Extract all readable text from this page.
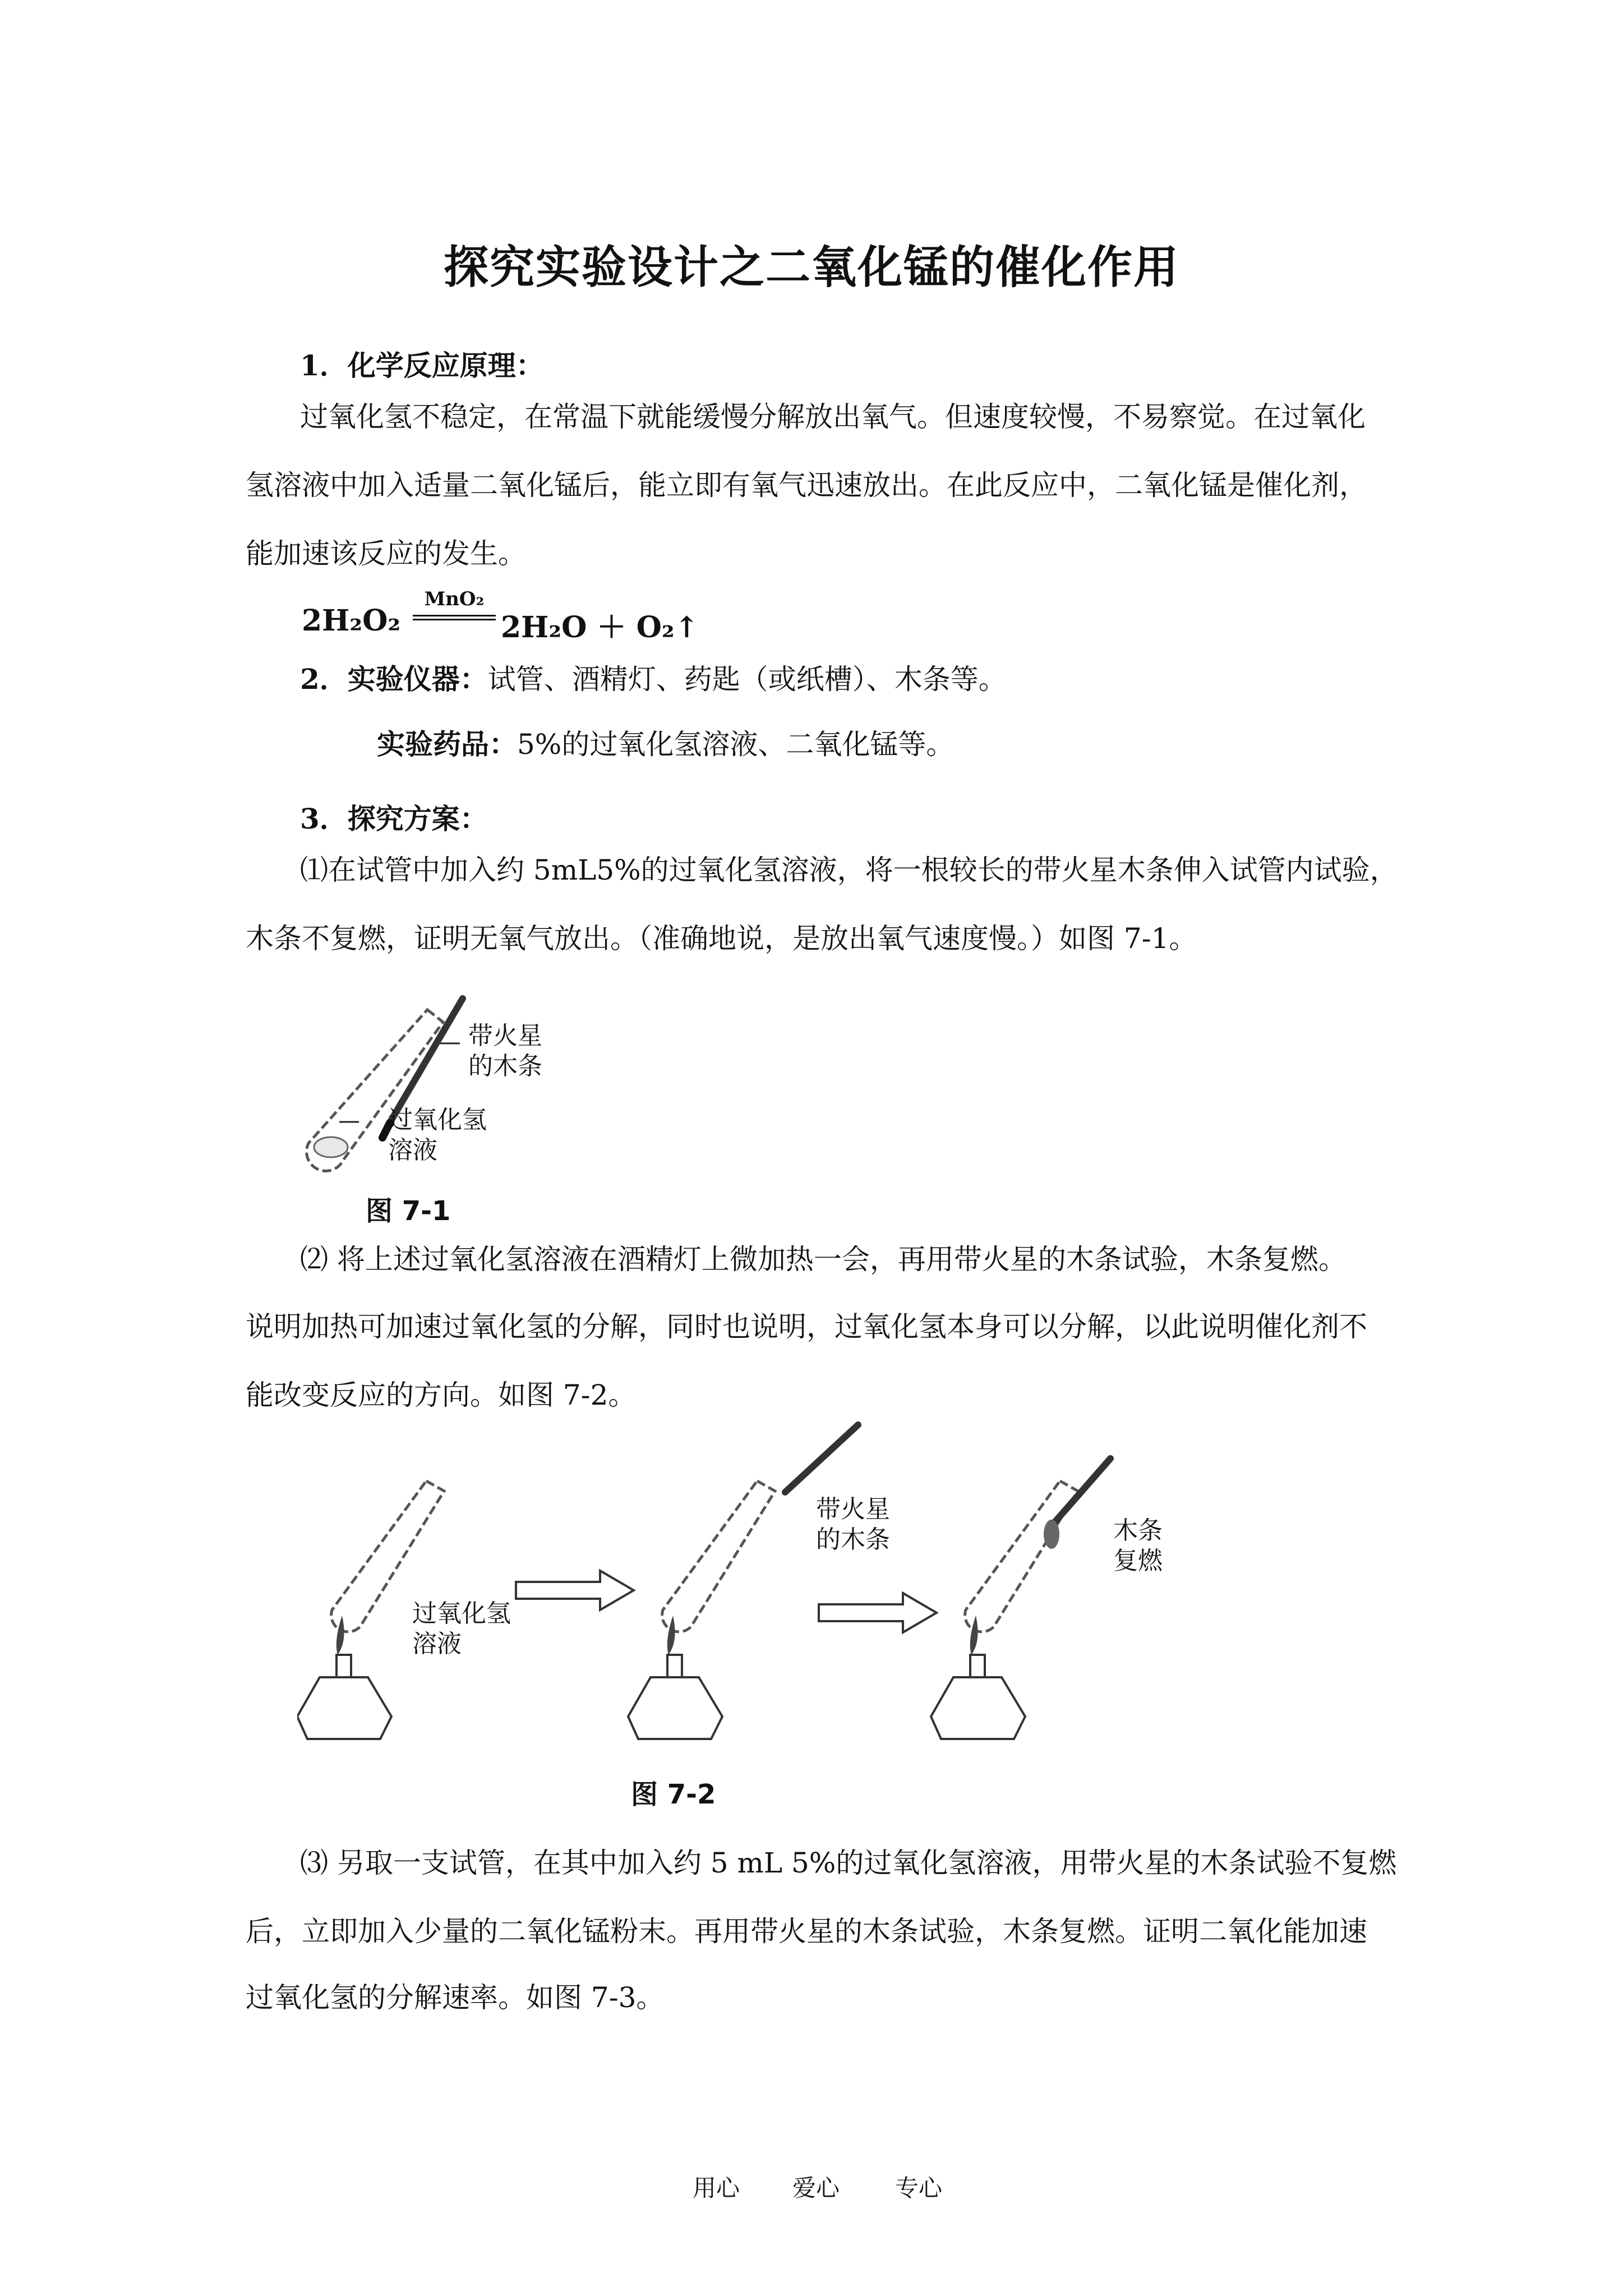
探究实验设计之二氧化锰的催化作用
1．化学反应原理：
过氧化氢不稳定，在常温下就能缓慢分解放出氧气。但速度较慢，不易察觉。在过氧化
氢溶液中加入适量二氧化锰后，能立即有氧气迅速放出。在此反应中，二氧化锰是催化剂，
能加速该反应的发生。
2H₂O₂
MnO₂
2H₂O ＋ O₂↑
2．实验仪器：试管、酒精灯、药匙（或纸槽）、木条等。
实验药品：5%的过氧化氢溶液、二氧化锰等。
3．探究方案：
⑴在试管中加入约 5mL5%的过氧化氢溶液，将一根较长的带火星木条伸入试管内试验，
木条不复燃，证明无氧气放出。（准确地说，是放出氧气速度慢。）如图 7-1。
带火星
的木条
过氧化氢
溶液
图 7-1
⑵ 将上述过氧化氢溶液在酒精灯上微加热一会，再用带火星的木条试验，木条复燃。
说明加热可加速过氧化氢的分解，同时也说明，过氧化氢本身可以分解，以此说明催化剂不
能改变反应的方向。如图 7-2。
过氧化氢
溶液
带火星
的木条	木条
复燃
图 7-2
⑶ 另取一支试管，在其中加入约 5 mL 5%的过氧化氢溶液，用带火星的木条试验不复燃
后，立即加入少量的二氧化锰粉末。再用带火星的木条试验，木条复燃。证明二氧化能加速
过氧化氢的分解速率。如图 7-3。
用心 爱心 专心
